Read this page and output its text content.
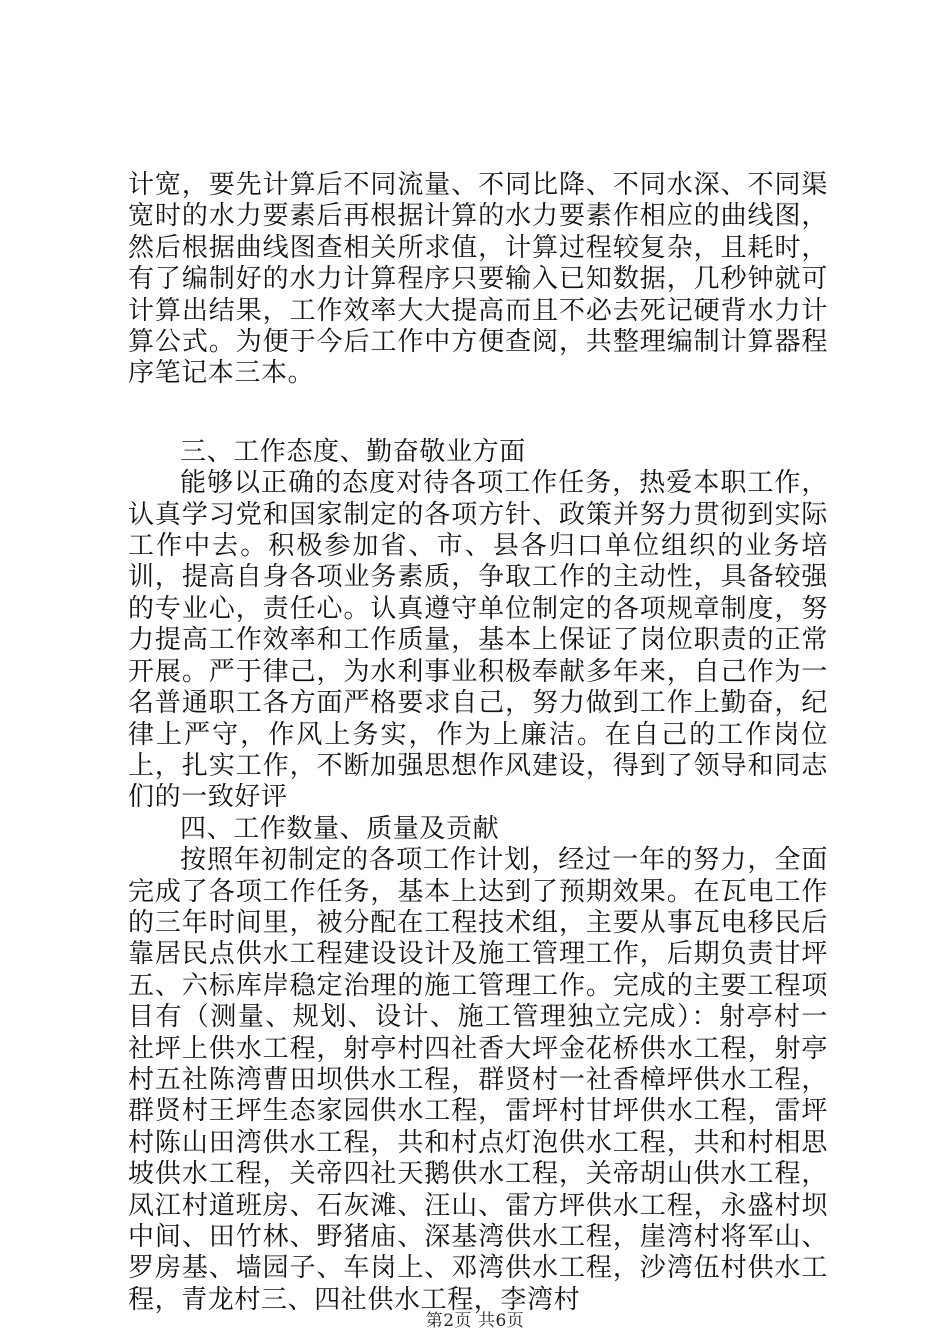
计宽，要先计算后不同流量、不同比降、不同水深、不同渠宽时的水力要素后再根据计算的水力要素作相应的曲线图，然后根据曲线图查相关所求值，计算过程较复杂，且耗时，有了编制好的水力计算程序只要输入已知数据，几秒钟就可计算出结果，工作效率大大提高而且不必去死记硬背水力计算公式。为便于今后工作中方便查阅，共整理编制计算器程序笔记本三本。

三、工作态度、勤奋敬业方面

能够以正确的态度对待各项工作任务，热爱本职工作，认真学习党和国家制定的各项方针、政策并努力贯彻到实际工作中去。积极参加省、市、县各归口单位组织的业务培训，提高自身各项业务素质，争取工作的主动性，具备较强的专业心，责任心。认真遵守单位制定的各项规章制度，努力提高工作效率和工作质量，基本上保证了岗位职责的正常开展。严于律己，为水利事业积极奉献多年来，自己作为一名普通职工各方面严格要求自己，努力做到工作上勤奋，纪律上严守，作风上务实，作为上廉洁。在自己的工作岗位上，扎实工作，不断加强思想作风建设，得到了领导和同志们的一致好评

四、工作数量、质量及贡献

按照年初制定的各项工作计划，经过一年的努力，全面完成了各项工作任务，基本上达到了预期效果。在瓦电工作的三年时间里，被分配在工程技术组，主要从事瓦电移民后靠居民点供水工程建设设计及施工管理工作，后期负责甘坪五、六标库岸稳定治理的施工管理工作。完成的主要工程项目有（测量、规划、设计、施工管理独立完成）：射亭村一社坪上供水工程，射亭村四社香大坪金花桥供水工程，射亭村五社陈湾曹田坝供水工程，群贤村一社香樟坪供水工程，群贤村王坪生态家园供水工程，雷坪村甘坪供水工程，雷坪村陈山田湾供水工程，共和村点灯泡供水工程，共和村相思坡供水工程，关帝四社天鹅供水工程，关帝胡山供水工程，凤江村道班房、石灰滩、汪山、雷方坪供水工程，永盛村坝中间、田竹林、野猪庙、深基湾供水工程，崖湾村将军山、罗房基、墙园子、车岗上、邓湾供水工程，沙湾伍村供水工程，青龙村三、四社供水工程，李湾村

第2页 共6页
